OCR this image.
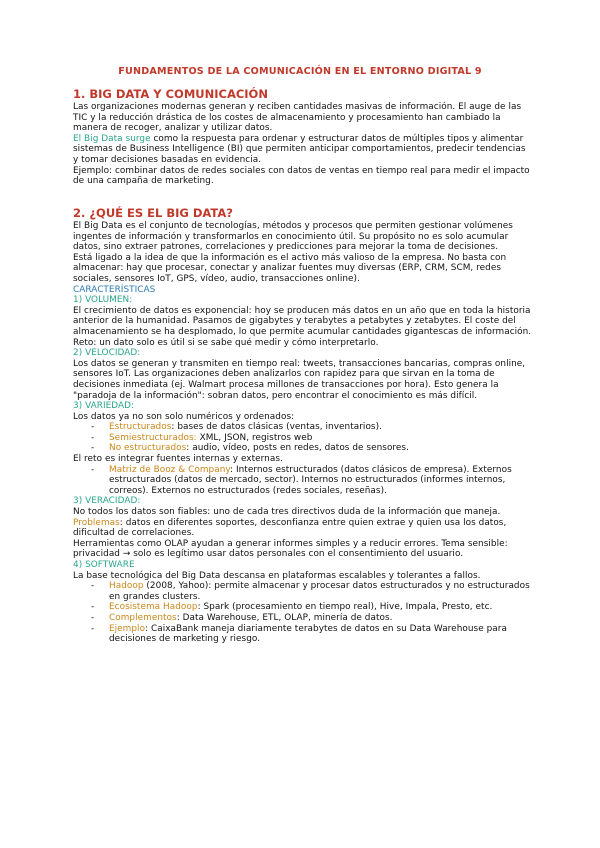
FUNDAMENTOS DE LA COMUNICACIÓN EN EL ENTORNO DIGITAL 9
1. BIG DATA Y COMUNICACIÓN
Las organizaciones modernas generan y reciben cantidades masivas de información. El auge de las TIC y la reducción drástica de los costes de almacenamiento y procesamiento han cambiado la manera de recoger, analizar y utilizar datos.
El Big Data surge como la respuesta para ordenar y estructurar datos de múltiples tipos y alimentar sistemas de Business Intelligence (BI) que permiten anticipar comportamientos, predecir tendencias y tomar decisiones basadas en evidencia.
Ejemplo: combinar datos de redes sociales con datos de ventas en tiempo real para medir el impacto de una campaña de marketing.
2. ¿QUÉ ES EL BIG DATA?
El Big Data es el conjunto de tecnologías, métodos y procesos que permiten gestionar volúmenes ingentes de información y transformarlos en conocimiento útil. Su propósito no es solo acumular datos, sino extraer patrones, correlaciones y predicciones para mejorar la toma de decisiones.
Está ligado a la idea de que la información es el activo más valioso de la empresa. No basta con almacenar: hay que procesar, conectar y analizar fuentes muy diversas (ERP, CRM, SCM, redes sociales, sensores IoT, GPS, vídeo, audio, transacciones online).
CARACTERÍSTICAS
1) VOLUMEN:
El crecimiento de datos es exponencial: hoy se producen más datos en un año que en toda la historia anterior de la humanidad. Pasamos de gigabytes y terabytes a petabytes y zetabytes. El coste del almacenamiento se ha desplomado, lo que permite acumular cantidades gigantescas de información. Reto: un dato solo es útil si se sabe qué medir y cómo interpretarlo.
2) VELOCIDAD:
Los datos se generan y transmiten en tiempo real: tweets, transacciones bancarias, compras online, sensores IoT. Las organizaciones deben analizarlos con rapidez para que sirvan en la toma de decisiones inmediata (ej. Walmart procesa millones de transacciones por hora). Esto genera la "paradoja de la información": sobran datos, pero encontrar el conocimiento es más difícil.
3) VARIEDAD:
Los datos ya no son solo numéricos y ordenados:
- Estructurados: bases de datos clásicas (ventas, inventarios).
- Semiestructurados: XML, JSON, registros web
- No estructurados: audio, vídeo, posts en redes, datos de sensores.
El reto es integrar fuentes internas y externas.
- Matriz de Booz & Company: Internos estructurados (datos clásicos de empresa). Externos estructurados (datos de mercado, sector). Internos no estructurados (informes internos, correos). Externos no estructurados (redes sociales, reseñas).
3) VERACIDAD:
No todos los datos son fiables: uno de cada tres directivos duda de la información que maneja.
Problemas: datos en diferentes soportes, desconfianza entre quien extrae y quien usa los datos, dificultad de correlaciones.
Herramientas como OLAP ayudan a generar informes simples y a reducir errores. Tema sensible: privacidad → solo es legítimo usar datos personales con el consentimiento del usuario.
4) SOFTWARE
La base tecnológica del Big Data descansa en plataformas escalables y tolerantes a fallos.
- Hadoop (2008, Yahoo): permite almacenar y procesar datos estructurados y no estructurados en grandes clusters.
- Ecosistema Hadoop: Spark (procesamiento en tiempo real), Hive, Impala, Presto, etc.
- Complementos: Data Warehouse, ETL, OLAP, minería de datos.
- Ejemplo: CaixaBank maneja diariamente terabytes de datos en su Data Warehouse para decisiones de marketing y riesgo.
